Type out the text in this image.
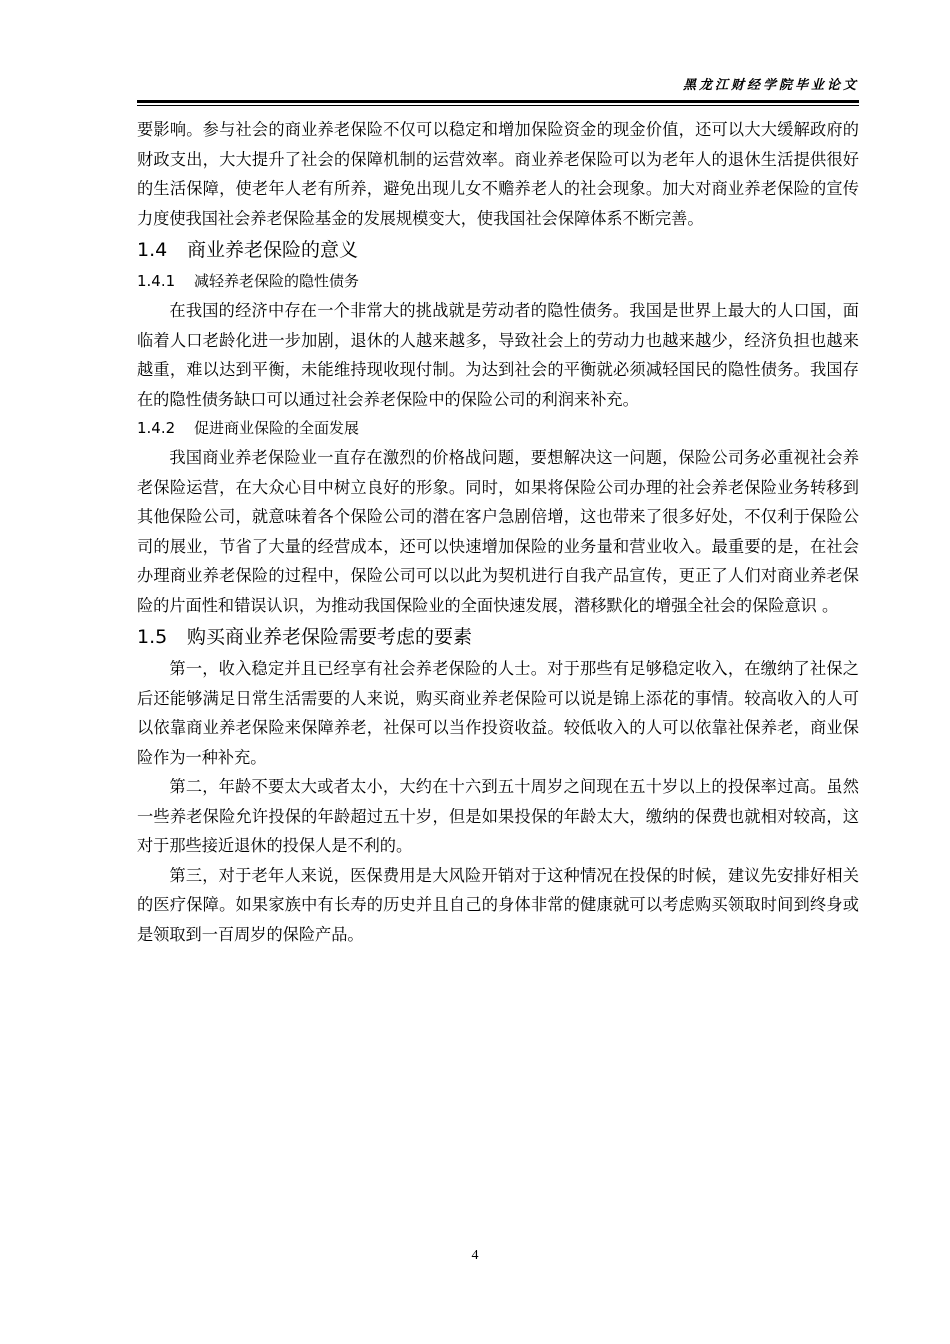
黑龙江财经学院毕业论文

要影响。参与社会的商业养老保险不仅可以稳定和增加保险资金的现金价值，还可以大大缓解政府的财政支出，大大提升了社会的保障机制的运营效率。商业养老保险可以为老年人的退休生活提供很好的生活保障，使老年人老有所养，避免出现儿女不赡养老人的社会现象。加大对商业养老保险的宣传力度使我国社会养老保险基金的发展规模变大，使我国社会保障体系不断完善。

1.4 商业养老保险的意义
1.4.1 减轻养老保险的隐性债务

在我国的经济中存在一个非常大的挑战就是劳动者的隐性债务。我国是世界上最大的人口国，面临着人口老龄化进一步加剧，退休的人越来越多，导致社会上的劳动力也越来越少，经济负担也越来越重，难以达到平衡，未能维持现收现付制。为达到社会的平衡就必须减轻国民的隐性债务。我国存在的隐性债务缺口可以通过社会养老保险中的保险公司的利润来补充。

1.4.2 促进商业保险的全面发展

我国商业养老保险业一直存在激烈的价格战问题，要想解决这一问题，保险公司务必重视社会养老保险运营，在大众心目中树立良好的形象。同时，如果将保险公司办理的社会养老保险业务转移到其他保险公司，就意味着各个保险公司的潜在客户急剧倍增，这也带来了很多好处，不仅利于保险公司的展业，节省了大量的经营成本，还可以快速增加保险的业务量和营业收入。最重要的是，在社会办理商业养老保险的过程中，保险公司可以以此为契机进行自我产品宣传，更正了人们对商业养老保险的片面性和错误认识，为推动我国保险业的全面快速发展，潜移默化的增强全社会的保险意识 。

1.5 购买商业养老保险需要考虑的要素

第一，收入稳定并且已经享有社会养老保险的人士。对于那些有足够稳定收入，在缴纳了社保之后还能够满足日常生活需要的人来说，购买商业养老保险可以说是锦上添花的事情。较高收入的人可以依靠商业养老保险来保障养老，社保可以当作投资收益。较低收入的人可以依靠社保养老，商业保险作为一种补充。

第二，年龄不要太大或者太小，大约在十六到五十周岁之间现在五十岁以上的投保率过高。虽然一些养老保险允许投保的年龄超过五十岁，但是如果投保的年龄太大，缴纳的保费也就相对较高，这对于那些接近退休的投保人是不利的。

第三，对于老年人来说，医保费用是大风险开销对于这种情况在投保的时候，建议先安排好相关的医疗保障。如果家族中有长寿的历史并且自己的身体非常的健康就可以考虑购买领取时间到终身或是领取到一百周岁的保险产品。

4
